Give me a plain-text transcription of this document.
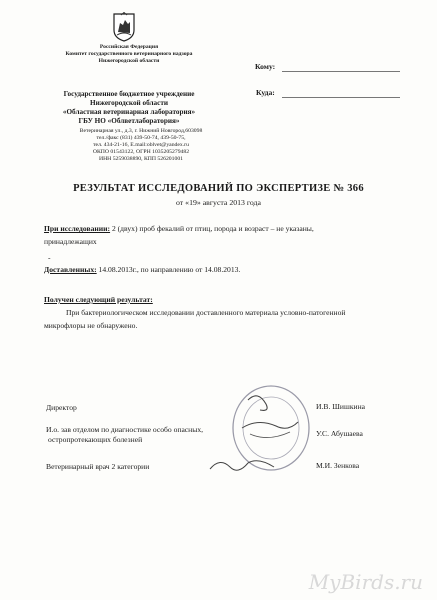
Российская Федерация
Комитет государственного ветеринарного надзора
Нижегородской области
Государственное бюджетное учреждение
Нижегородской области
«Областная ветеринарная лаборатория»
ГБУ НО «Облветлаборатория»
Ветеринарная ул., д.3, г. Нижний Новгород,603098
тел./факс (831) 439-50-74, 439-50-75,
тел. 434-21-16, E.mail:oblvet@yandex.ru
ОКПО 01543122, ОГРН 1035205279482
ИНН 5259038890, КПП 526201001
Кому:
Куда:
РЕЗУЛЬТАТ ИССЛЕДОВАНИЙ ПО ЭКСПЕРТИЗЕ № 366
от «19» августа 2013 года
При исследовании: 2 (двух) проб фекалий от птиц, порода и возраст – не указаны,
принадлежащих
-
Доставленных: 14.08.2013г., по направлению от 14.08.2013.
Получен следующий результат:
При бактериологическом исследовании доставленного материала условно-патогенной
микрофлоры не обнаружено.
Директор	И.В. Шишкина
И.о. зав отделом по диагностике особо опасных,
остропротекающих болезней
У.С. Абушаева
Ветеринарный врач 2 категории	М.И. Зенкова
MyBirds.ru
